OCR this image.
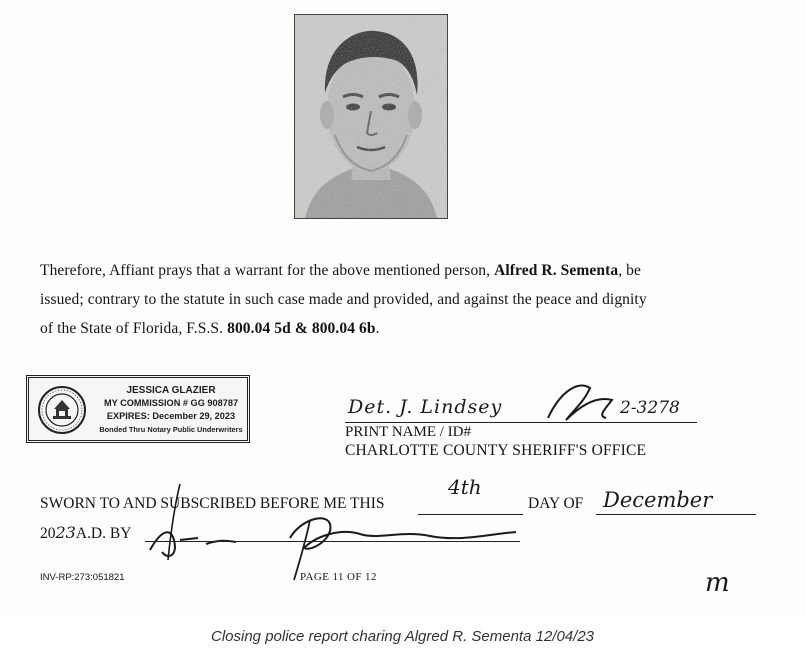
Therefore, Affiant prays that a warrant for the above mentioned person, Alfred R. Sementa, be

issued; contrary to the statute in such case made and provided, and against the peace and dignity

of the State of Florida, F.S.S. 800.04 5d & 800.04 6b.

JESSICA GLAZIER
MY COMMISSION # GG 908787
EXPIRES: December 29, 2023
Bonded Thru Notary Public Underwriters
Det. J. Lindsey	2-3278
PRINT NAME / ID#
CHARLOTTE COUNTY SHERIFF'S OFFICE
SWORN TO AND SUBSCRIBED BEFORE ME THIS
4th
DAY OF December
2023A.D. BY
INV-RP:273:051821	PAGE 11 OF 12	m
Closing police report charing Algred R. Sementa 12/04/23
